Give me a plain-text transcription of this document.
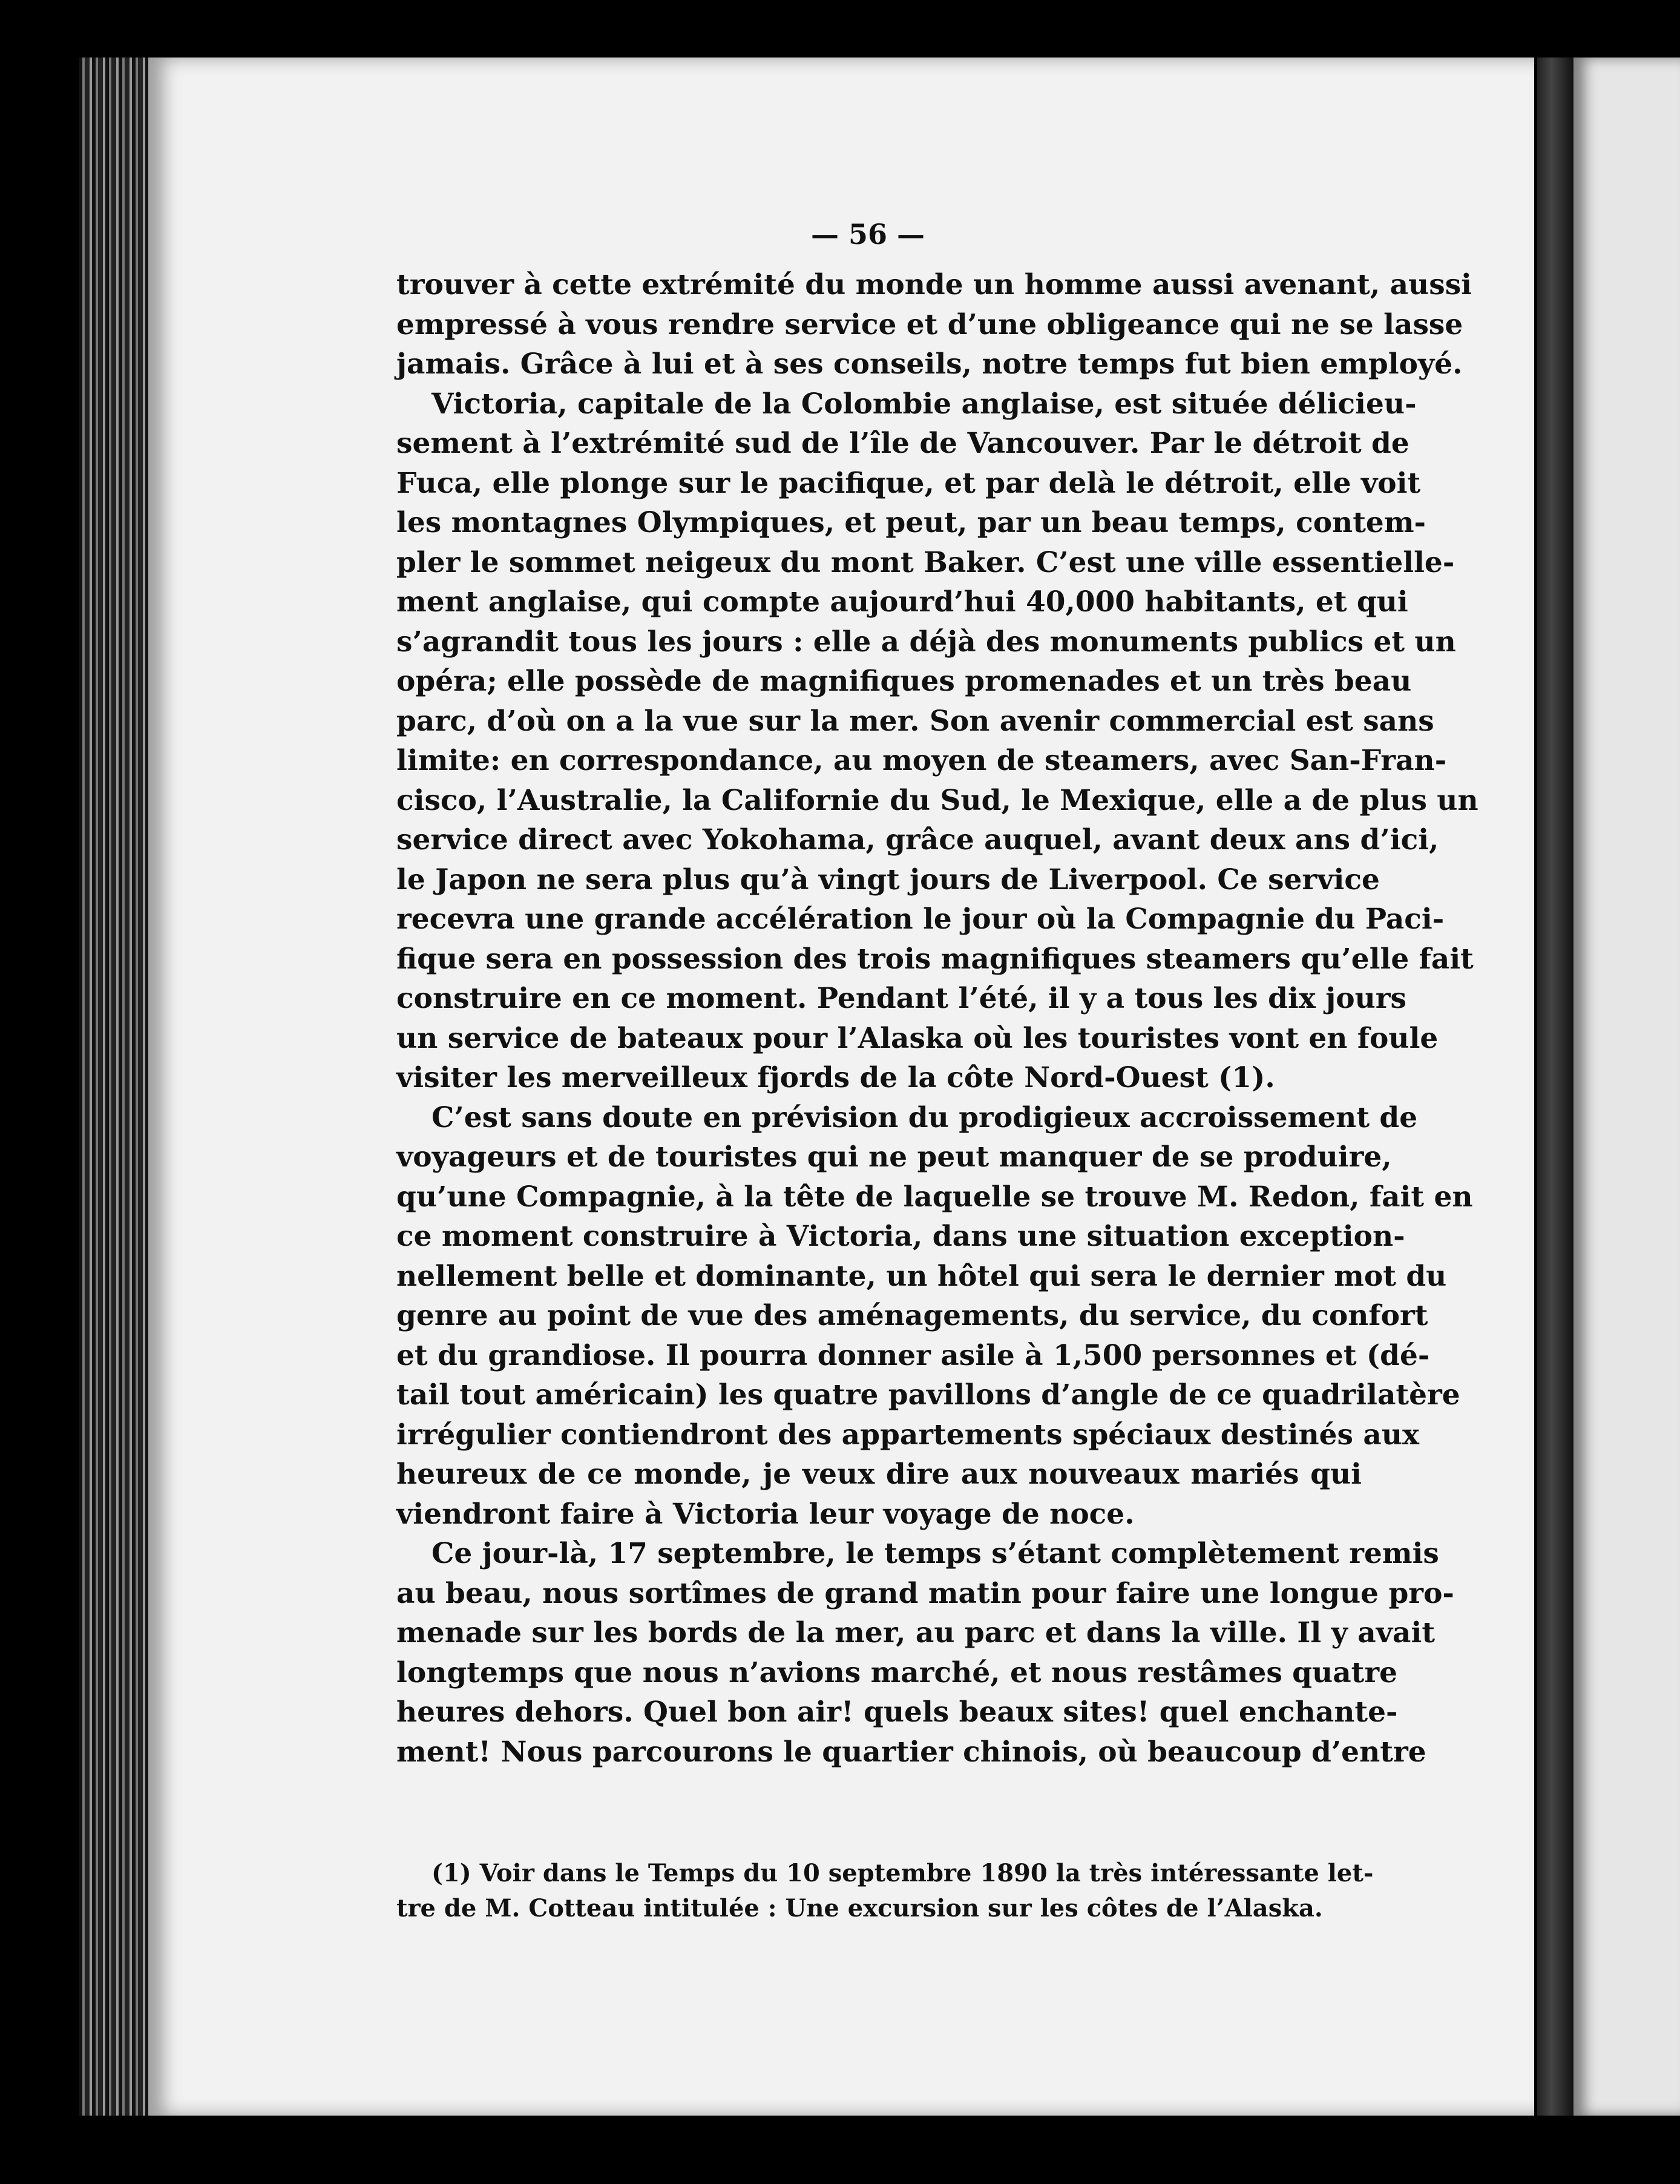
— 56 —
trouver à cette extrémité du monde un homme aussi avenant, aussi
empressé à vous rendre service et d’une obligeance qui ne se lasse
jamais. Grâce à lui et à ses conseils, notre temps fut bien employé.
Victoria, capitale de la Colombie anglaise, est située délicieu-
sement à l’extrémité sud de l’île de Vancouver. Par le détroit de
Fuca, elle plonge sur le pacifique, et par delà le détroit, elle voit
les montagnes Olympiques, et peut, par un beau temps, contem-
pler le sommet neigeux du mont Baker. C’est une ville essentielle-
ment anglaise, qui compte aujourd’hui 40,000 habitants, et qui
s’agrandit tous les jours : elle a déjà des monuments publics et un
opéra; elle possède de magnifiques promenades et un très beau
parc, d’où on a la vue sur la mer. Son avenir commercial est sans
limite: en correspondance, au moyen de steamers, avec San-Fran-
cisco, l’Australie, la Californie du Sud, le Mexique, elle a de plus un
service direct avec Yokohama, grâce auquel, avant deux ans d’ici,
le Japon ne sera plus qu’à vingt jours de Liverpool. Ce service
recevra une grande accélération le jour où la Compagnie du Paci-
fique sera en possession des trois magnifiques steamers qu’elle fait
construire en ce moment. Pendant l’été, il y a tous les dix jours
un service de bateaux pour l’Alaska où les touristes vont en foule
visiter les merveilleux fjords de la côte Nord-Ouest (1).
C’est sans doute en prévision du prodigieux accroissement de
voyageurs et de touristes qui ne peut manquer de se produire,
qu’une Compagnie, à la tête de laquelle se trouve M. Redon, fait en
ce moment construire à Victoria, dans une situation exception-
nellement belle et dominante, un hôtel qui sera le dernier mot du
genre au point de vue des aménagements, du service, du confort
et du grandiose. Il pourra donner asile à 1,500 personnes et (dé-
tail tout américain) les quatre pavillons d’angle de ce quadrilatère
irrégulier contiendront des appartements spéciaux destinés aux
heureux de ce monde, je veux dire aux nouveaux mariés qui
viendront faire à Victoria leur voyage de noce.
Ce jour-là, 17 septembre, le temps s’étant complètement remis
au beau, nous sortîmes de grand matin pour faire une longue pro-
menade sur les bords de la mer, au parc et dans la ville. Il y avait
longtemps que nous n’avions marché, et nous restâmes quatre
heures dehors. Quel bon air! quels beaux sites! quel enchante-
ment! Nous parcourons le quartier chinois, où beaucoup d’entre
(1) Voir dans le Temps du 10 septembre 1890 la très intéressante let-
tre de M. Cotteau intitulée : Une excursion sur les côtes de l’Alaska.
